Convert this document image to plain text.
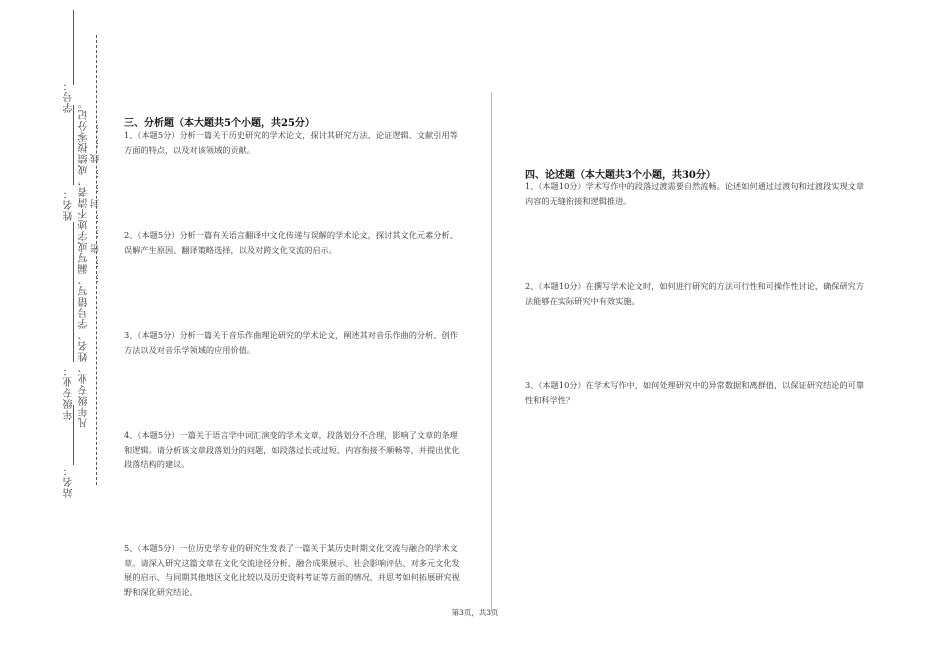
学号：
姓名：
年级专业：
站名：
凡年级专业、姓名、学号错写、漏写或字迹不清者，成绩按零分记。 ……密……封……线…… 三、分析题（本大题共5个小题，共25分）
1、（本题5分）分析一篇关于历史研究的学术论文，探讨其研究方法、论证逻辑、文献引用等方面的特点，以及对该领域的贡献。
2、（本题5分）分析一篇有关语言翻译中文化传递与误解的学术论文，探讨其文化元素分析、误解产生原因、翻译策略选择，以及对跨文化交流的启示。
3、（本题5分）分析一篇关于音乐作曲理论研究的学术论文，阐述其对音乐作曲的分析、创作方法以及对音乐学领域的应用价值。
4、（本题5分）一篇关于语言学中词汇演变的学术文章，段落划分不合理，影响了文章的条理和逻辑。请分析该文章段落划分的问题，如段落过长或过短、内容衔接不顺畅等，并提出优化段落结构的建议。
5、（本题5分）一位历史学专业的研究生发表了一篇关于某历史时期文化交流与融合的学术文章。请深入研究这篇文章在文化交流途径分析、融合成果展示、社会影响评估、对多元文化发展的启示、与同期其他地区文化比较以及历史资料考证等方面的情况，并思考如何拓展研究视野和深化研究结论。
四、论述题（本大题共3个小题，共30分）
1、（本题10分）学术写作中的段落过渡需要自然流畅。论述如何通过过渡句和过渡段实现文章内容的无缝衔接和逻辑推进。
2、（本题10分）在撰写学术论文时，如何进行研究的方法可行性和可操作性讨论，确保研究方法能够在实际研究中有效实施。
3、（本题10分）在学术写作中，如何处理研究中的异常数据和离群值，以保证研究结论的可靠性和科学性？
第3页，共3页
